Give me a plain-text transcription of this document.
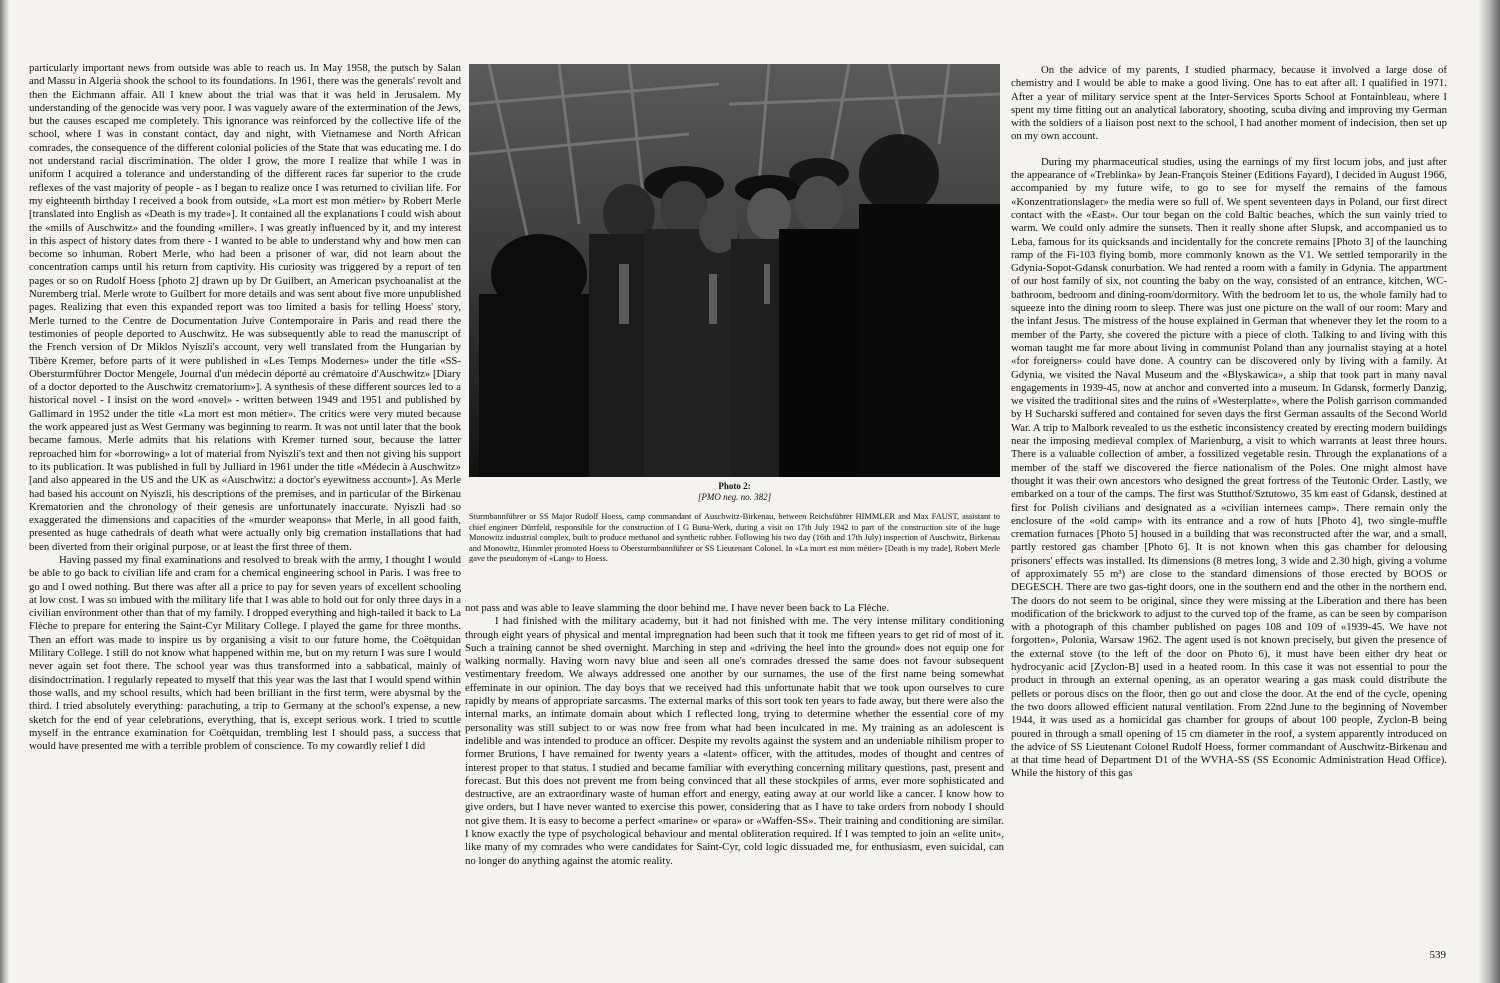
particularly important news from outside was able to reach us. In May 1958, the putsch by Salan and Massu in Algeria shook the school to its foundations. In 1961, there was the generals' revolt and then the Eichmann affair. All I knew about the trial was that it was held in Jerusalem. My understanding of the genocide was very poor. I was vaguely aware of the extermination of the Jews, but the causes escaped me completely. This ignorance was reinforced by the collective life of the school, where I was in constant contact, day and night, with Vietnamese and North African comrades, the consequence of the different colonial policies of the State that was educating me. I do not understand racial discrimination. The older I grow, the more I realize that while I was in uniform I acquired a tolerance and understanding of the different races far superior to the crude reflexes of the vast majority of people - as I began to realize once I was returned to civilian life. For my eighteenth birthday I received a book from outside, «La mort est mon métier» by Robert Merle [translated into English as «Death is my trade»]. It contained all the explanations I could wish about the «mills of Auschwitz» and the founding «miller». I was greatly influenced by it, and my interest in this aspect of history dates from there - I wanted to be able to understand why and how men can become so inhuman. Robert Merle, who had been a prisoner of war, did not learn about the concentration camps until his return from captivity. His curiosity was triggered by a report of ten pages or so on Rudolf Hoess [photo 2] drawn up by Dr Guilbert, an American psychoanalist at the Nuremberg trial. Merle wrote to Guilbert for more details and was sent about five more unpublished pages. Realizing that even this expanded report was too limited a basis for telling Hoess' story, Merle turned to the Centre de Documentation Juive Contemporaire in Paris and read there the testimonies of people deported to Auschwitz. He was subsequently able to read the manuscript of the French version of Dr Miklos Nyiszli's account, very well translated from the Hungarian by Tibère Kremer, before parts of it were published in «Les Temps Modernes» under the title «SS-Obersturmführer Doctor Mengele, Journal d'un médecin déporté au crématoire d'Auschwitz» [Diary of a doctor deported to the Auschwitz crematorium»]. A synthesis of these different sources led to a historical novel - I insist on the word «novel» - written between 1949 and 1951 and published by Gallimard in 1952 under the title «La mort est mon métier». The critics were very muted because the work appeared just as West Germany was beginning to rearm. It was not until later that the book became famous. Merle admits that his relations with Kremer turned sour, because the latter reproached him for «borrowing» a lot of material from Nyiszli's text and then not giving his support to its publication. It was published in full by Julliard in 1961 under the title «Médecin à Auschwitz» [and also appeared in the US and the UK as «Auschwitz: a doctor's eyewitness account»]. As Merle had based his account on Nyiszli, his descriptions of the premises, and in particular of the Birkenau Krematorien and the chronology of their genesis are unfortunately inaccurate. Nyiszli had so exaggerated the dimensions and capacities of the «murder weapons» that Merle, in all good faith, presented as huge cathedrals of death what were actually only big cremation installations that had been diverted from their original purpose, or at least the first three of them.

Having passed my final examinations and resolved to break with the army, I thought I would be able to go back to civilian life and cram for a chemical engineering school in Paris. I was free to go and I owed nothing. But there was after all a price to pay for seven years of excellent schooling at low cost. I was so imbued with the military life that I was able to hold out for only three days in a civilian environment other than that of my family. I dropped everything and high-tailed it back to La Flèche to prepare for entering the Saint-Cyr Military College. I played the game for three months. Then an effort was made to inspire us by organising a visit to our future home, the Coëtquidan Military College. I still do not know what happened within me, but on my return I was sure I would never again set foot there. The school year was thus transformed into a sabbatical, mainly of disindoctrination. I regularly repeated to myself that this year was the last that I would spend within those walls, and my school results, which had been brilliant in the first term, were abysmal by the third. I tried absolutely everything: parachuting, a trip to Germany at the school's expense, a new sketch for the end of year celebrations, everything, that is, except serious work. I tried to scuttle myself in the entrance examination for Coëtquidan, trembling lest I should pass, a success that would have presented me with a terrible problem of conscience. To my cowardly relief I did

Photo 2:
[PMO neg. no. 382]
Sturmbannführer or SS Major Rudolf Hoess, camp commandant of Auschwitz-Birkenau, between Reichsführer HIMMLER and Max FAUST, assistant to chief engineer Dürrfeld, responsible for the construction of I G Buna-Werk, during a visit on 17th July 1942 to part of the construction site of the huge Monowitz industrial complex, built to produce methanol and synthetic rubber. Following his two day (16th and 17th July) inspection of Auschwitz, Birkenau and Monowitz, Himmler promoted Hoess to Obersturmbannführer or SS Lieutenant Colonel. In «La mort est mon métier» [Death is my trade], Robert Merle gave the pseudonym of «Lang» to Hoess.

not pass and was able to leave slamming the door behind me. I have never been back to La Flèche.

I had finished with the military academy, but it had not finished with me. The very intense military conditioning through eight years of physical and mental impregnation had been such that it took me fifteen years to get rid of most of it. Such a training cannot be shed overnight. Marching in step and «driving the heel into the ground» does not equip one for walking normally. Having worn navy blue and seen all one's comrades dressed the same does not favour subsequent vestimentary freedom. We always addressed one another by our surnames, the use of the first name being somewhat effeminate in our opinion. The day boys that we received had this unfortunate habit that we took upon ourselves to cure rapidly by means of appropriate sarcasms. The external marks of this sort took ten years to fade away, but there were also the internal marks, an intimate domain about which I reflected long, trying to determine whether the essential core of my personality was still subject to or was now free from what had been inculcated in me. My training as an adolescent is indelible and was intended to produce an officer. Despite my revolts against the system and an undeniable nihilism proper to former Brutions, I have remained for twenty years a «latent» officer, with the attitudes, modes of thought and centres of interest proper to that status. I studied and became familiar with everything concerning military questions, past, present and forecast. But this does not prevent me from being convinced that all these stockpiles of arms, ever more sophisticated and destructive, are an extraordinary waste of human effort and energy, eating away at our world like a cancer. I know how to give orders, but I have never wanted to exercise this power, considering that as I have to take orders from nobody I should not give them. It is easy to become a perfect «marine» or «para» or «Waffen-SS». Their training and conditioning are similar. I know exactly the type of psychological behaviour and mental obliteration required. If I was tempted to join an «elite unit», like many of my comrades who were candidates for Saint-Cyr, cold logic dissuaded me, for enthusiasm, even suicidal, can no longer do anything against the atomic reality.

On the advice of my parents, I studied pharmacy, because it involved a large dose of chemistry and I would be able to make a good living. One has to eat after all. I qualified in 1971. After a year of military service spent at the Inter-Services Sports School at Fontainbleau, where I spent my time fitting out an analytical laboratory, shooting, scuba diving and improving my German with the soldiers of a liaison post next to the school, I had another moment of indecision, then set up on my own account.

During my pharmaceutical studies, using the earnings of my first locum jobs, and just after the appearance of «Treblinka» by Jean-François Steiner (Editions Fayard), I decided in August 1966, accompanied by my future wife, to go to see for myself the remains of the famous «Konzentrationslager» the media were so full of. We spent seventeen days in Poland, our first direct contact with the «East». Our tour began on the cold Baltic beaches, which the sun vainly tried to warm. We could only admire the sunsets. Then it really shone after Slupsk, and accompanied us to Leba, famous for its quicksands and incidentally for the concrete remains [Photo 3] of the launching ramp of the Fi-103 flying bomb, more commonly known as the V1. We settled temporarily in the Gdynia-Sopot-Gdansk conurbation. We had rented a room with a family in Gdynia. The appartment of our host family of six, not counting the baby on the way, consisted of an entrance, kitchen, WC-bathroom, bedroom and dining-room/dormitory. With the bedroom let to us, the whole family had to squeeze into the dining room to sleep. There was just one picture on the wall of our room: Mary and the infant Jesus. The mistress of the house explained in German that whenever they let the room to a member of the Party, she covered the picture with a piece of cloth. Talking to and living with this woman taught me far more about living in communist Poland than any journalist staying at a hotel «for foreigners» could have done. A country can be discovered only by living with a family. At Gdynia, we visited the Naval Museum and the «Blyskawica», a ship that took part in many naval engagements in 1939-45, now at anchor and converted into a museum. In Gdansk, formerly Danzig, we visited the traditional sites and the ruins of «Westerplatte», where the Polish garrison commanded by H Sucharski suffered and contained for seven days the first German assaults of the Second World War. A trip to Malbork revealed to us the esthetic inconsistency created by erecting modern buildings near the imposing medieval complex of Marienburg, a visit to which warrants at least three hours. There is a valuable collection of amber, a fossilized vegetable resin. Through the explanations of a member of the staff we discovered the fierce nationalism of the Poles. One might almost have thought it was their own ancestors who designed the great fortress of the Teutonic Order. Lastly, we embarked on a tour of the camps. The first was Stutthof/Sztutowo, 35 km east of Gdansk, destined at first for Polish civilians and designated as a «civilian internees camp». There remain only the enclosure of the «old camp» with its entrance and a row of huts [Photo 4], two single-muffle cremation furnaces [Photo 5] housed in a building that was reconstructed after the war, and a small, partly restored gas chamber [Photo 6]. It is not known when this gas chamber for delousing prisoners' effects was installed. Its dimensions (8 metres long, 3 wide and 2.30 high, giving a volume of approximately 55 m³) are close to the standard dimensions of those erected by BOOS or DEGESCH. There are two gas-tight doors, one in the southern end and the other in the northern end. The doors do not seem to be original, since they were missing at the Liberation and there has been modification of the brickwork to adjust to the curved top of the frame, as can be seen by comparison with a photograph of this chamber published on pages 108 and 109 of «1939-45. We have not forgotten», Polonia, Warsaw 1962. The agent used is not known precisely, but given the presence of the external stove (to the left of the door on Photo 6), it must have been either dry heat or hydrocyanic acid [Zyclon-B] used in a heated room. In this case it was not essential to pour the product in through an external opening, as an operator wearing a gas mask could distribute the pellets or porous discs on the floor, then go out and close the door. At the end of the cycle, opening the two doors allowed efficient natural ventilation. From 22nd June to the beginning of November 1944, it was used as a homicidal gas chamber for groups of about 100 people, Zyclon-B being poured in through a small opening of 15 cm diameter in the roof, a system apparently introduced on the advice of SS Lieutenant Colonel Rudolf Hoess, former commandant of Auschwitz-Birkenau and at that time head of Department D1 of the WVHA-SS (SS Economic Administration Head Office). While the history of this gas

539
